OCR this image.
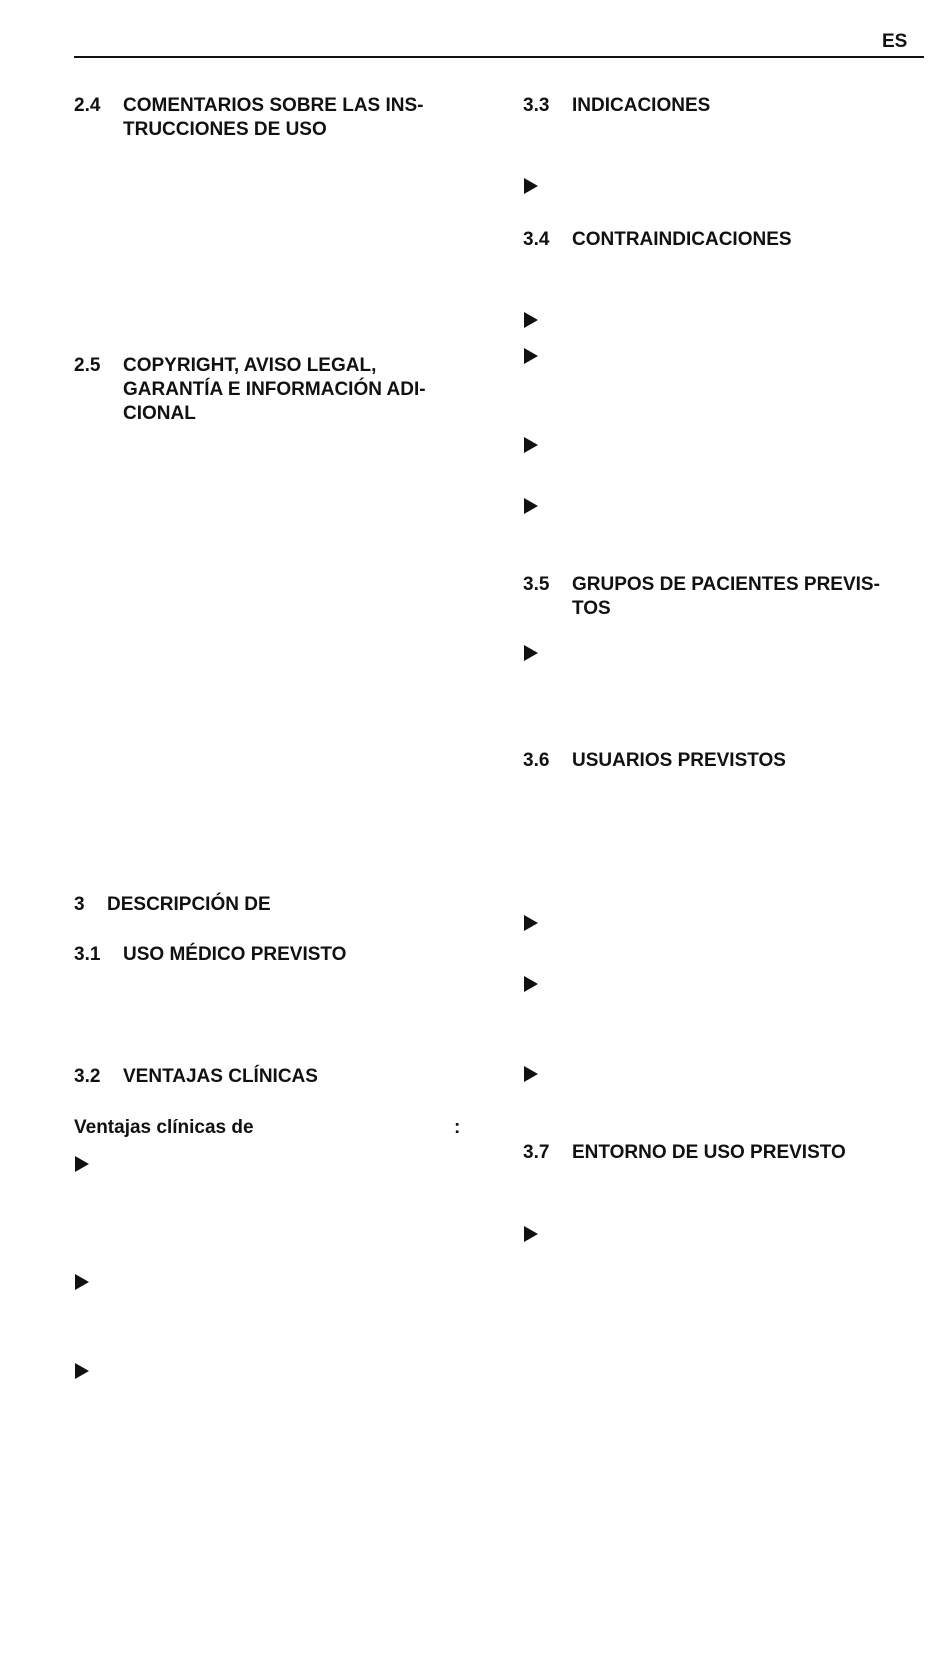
ES
2.4 COMENTARIOS SOBRE LAS INS-
TRUCCIONES DE USO
2.5 COPYRIGHT, AVISO LEGAL,
GARANTÍA E INFORMACIÓN ADI-
CIONAL
3 DESCRIPCIÓN DE
3.1 USO MÉDICO PREVISTO
3.2 VENTAJAS CLÍNICAS
Ventajas clínicas de	:
3.3 INDICACIONES
3.4 CONTRAINDICACIONES
3.5 GRUPOS DE PACIENTES PREVIS-
TOS
3.6 USUARIOS PREVISTOS
3.7 ENTORNO DE USO PREVISTO
